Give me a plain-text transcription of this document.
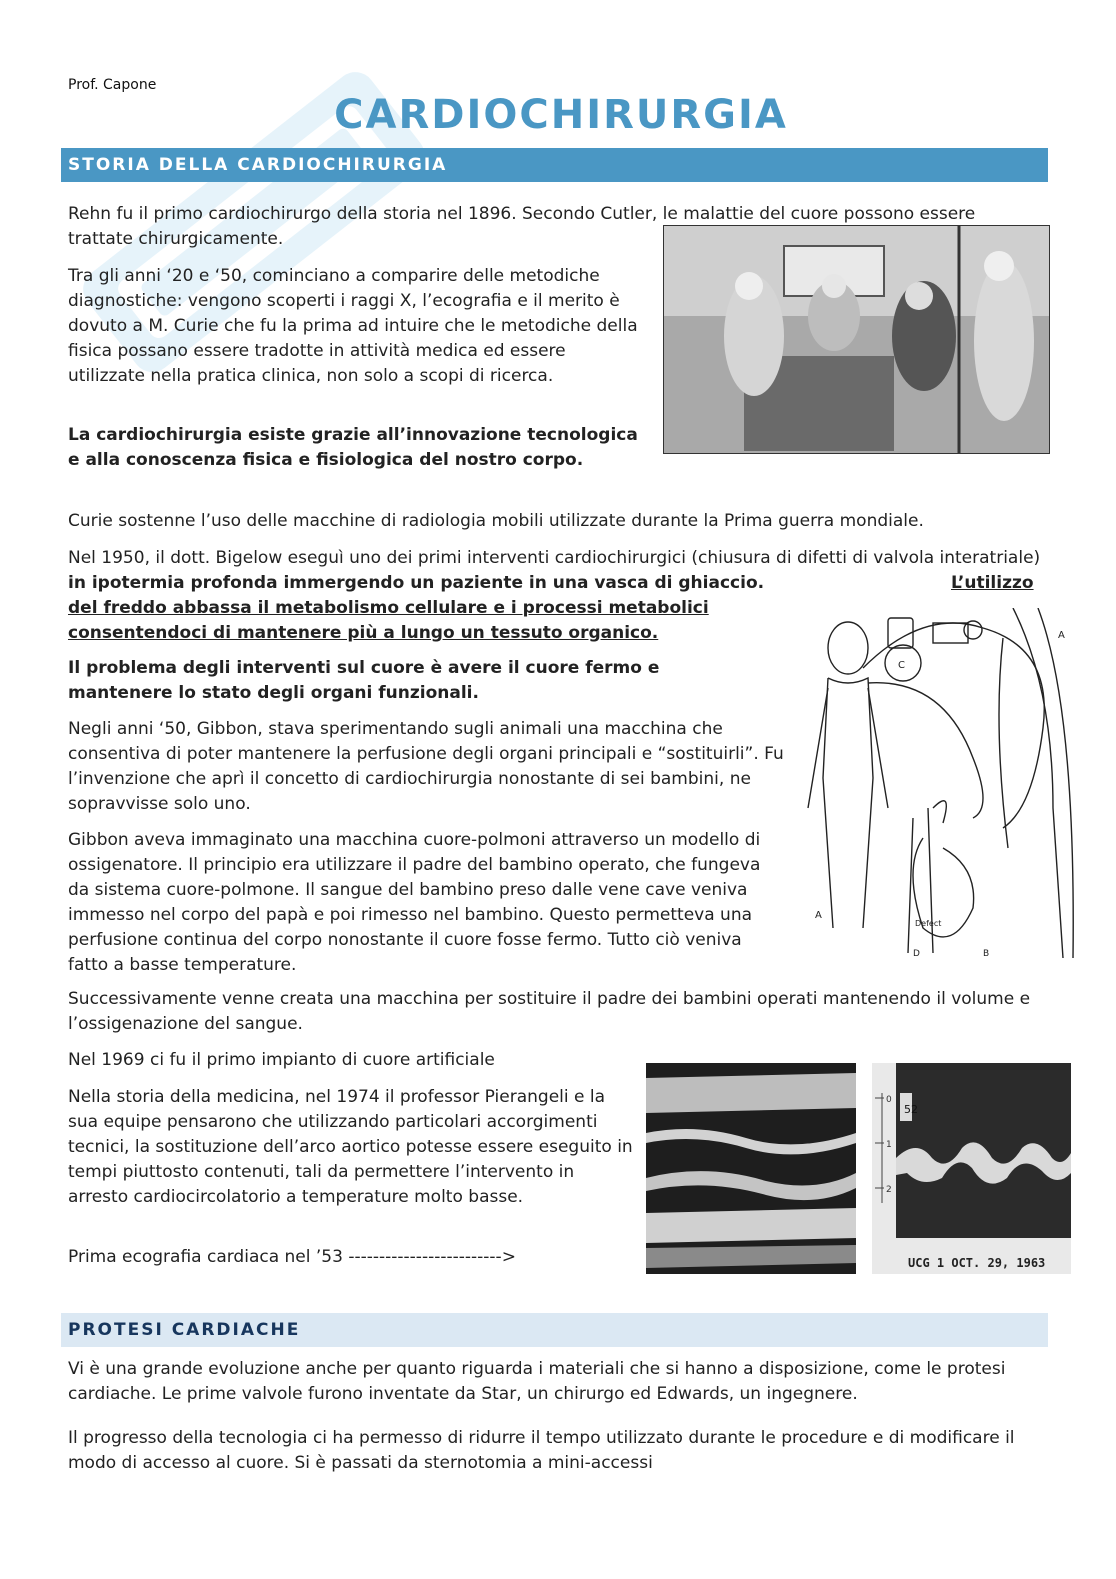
Prof. Capone
CARDIOCHIRURGIA
STORIA DELLA CARDIOCHIRURGIA

Rehn fu il primo cardiochirurgo della storia nel 1896. Secondo Cutler, le malattie del cuore possono essere trattate chirurgicamente.

Tra gli anni ‘20 e ‘50, cominciano a comparire delle metodiche diagnostiche: vengono scoperti i raggi X, l’ecografia e il merito è dovuto a M. Curie che fu la prima ad intuire che le metodiche della fisica possano essere tradotte in attività medica ed essere utilizzate nella pratica clinica, non solo a scopi di ricerca.

La cardiochirurgia esiste grazie all’innovazione tecnologica e alla conoscenza fisica e fisiologica del nostro corpo.

Curie sostenne l’uso delle macchine di radiologia mobili utilizzate durante la Prima guerra mondiale.

Nel 1950, il dott. Bigelow eseguì uno dei primi interventi cardiochirurgici (chiusura di difetti di valvola interatriale) in ipotermia profonda immergendo un paziente in una vasca di ghiaccio.	L’utilizzo del freddo abbassa il metabolismo cellulare e i processi metabolici consentendoci di mantenere più a lungo un tessuto organico.

Il problema degli interventi sul cuore è avere il cuore fermo e mantenere lo stato degli organi funzionali.

Negli anni ‘50, Gibbon, stava sperimentando sugli animali una macchina che consentiva di poter mantenere la perfusione degli organi principali e “sostituirli”. Fu l’invenzione che aprì il concetto di cardiochirurgia nonostante di sei bambini, ne sopravvisse solo uno.

Gibbon aveva immaginato una macchina cuore-polmoni attraverso un modello di ossigenatore. Il principio era utilizzare il padre del bambino operato, che fungeva da sistema cuore-polmone. Il sangue del bambino preso dalle vene cave veniva immesso nel corpo del papà e poi rimesso nel bambino. Questo permetteva una perfusione continua del corpo nonostante il cuore fosse fermo. Tutto ciò veniva fatto a basse temperature.

C
A
A
D	B
Defect

Successivamente venne creata una macchina per sostituire il padre dei bambini operati mantenendo il volume e l’ossigenazione del sangue.

Nel 1969 ci fu il primo impianto di cuore artificiale

Nella storia della medicina, nel 1974 il professor Pierangeli e la sua equipe pensarono che utilizzando particolari accorgimenti tecnici, la sostituzione dell’arco aortico potesse essere eseguito in tempi piuttosto contenuti, tali da permettere l’intervento in arresto cardiocircolatorio a temperature molto basse.

Prima ecografia cardiaca nel ’53 ------------------------->

52
0
1
2
UCG 1 OCT. 29, 1963
PROTESI CARDIACHE

Vi è una grande evoluzione anche per quanto riguarda i materiali che si hanno a disposizione, come le protesi cardiache. Le prime valvole furono inventate da Star, un chirurgo ed Edwards, un ingegnere.

Il progresso della tecnologia ci ha permesso di ridurre il tempo utilizzato durante le procedure e di modificare il modo di accesso al cuore. Si è passati da sternotomia a mini-accessi
